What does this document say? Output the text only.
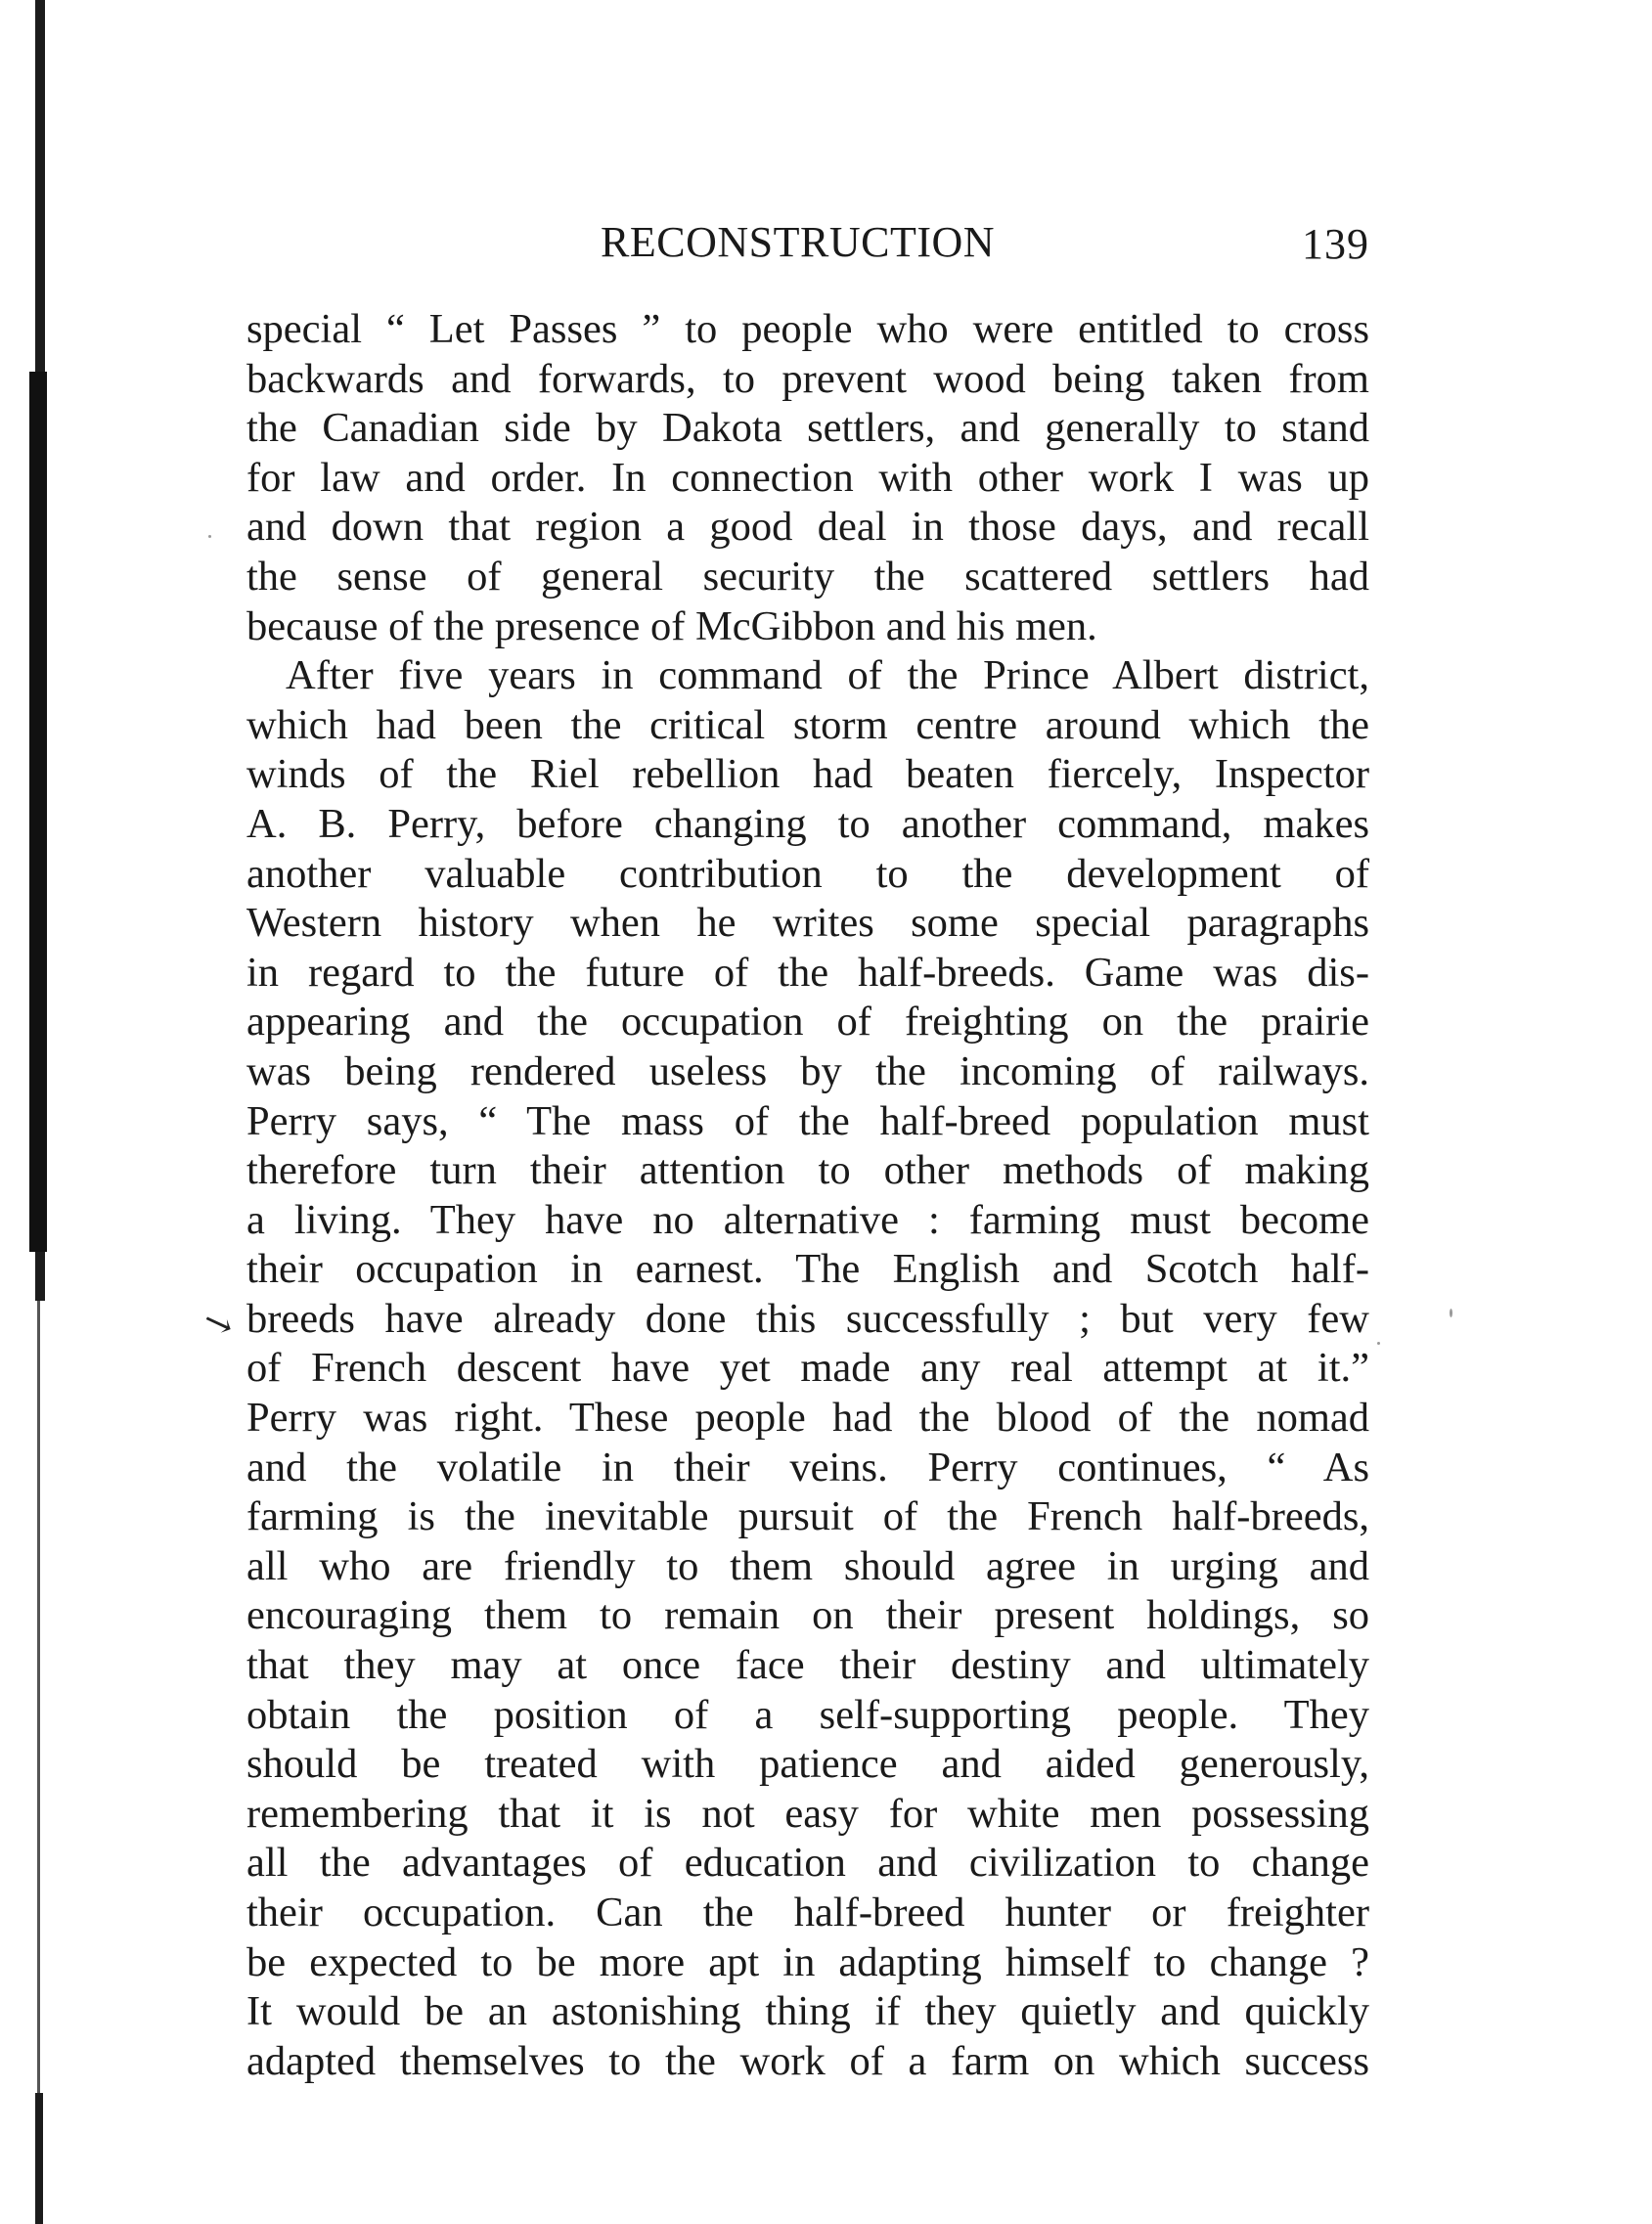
RECONSTRUCTION	139
special “ Let Passes ” to people who were entitled to cross
backwards and forwards, to prevent wood being taken from
the Canadian side by Dakota settlers, and generally to stand
for law and order. In connection with other work I was up
and down that region a good deal in those days, and recall
the sense of general security the scattered settlers had
because of the presence of McGibbon and his men.
After five years in command of the Prince Albert district,
which had been the critical storm centre around which the
winds of the Riel rebellion had beaten fiercely, Inspector
A. B. Perry, before changing to another command, makes
another valuable contribution to the development of
Western history when he writes some special paragraphs
in regard to the future of the half-breeds. Game was dis-
appearing and the occupation of freighting on the prairie
was being rendered useless by the incoming of railways.
Perry says, “ The mass of the half-breed population must
therefore turn their attention to other methods of making
a living. They have no alternative : farming must become
their occupation in earnest. The English and Scotch half-
breeds have already done this successfully ; but very few
of French descent have yet made any real attempt at it.”
Perry was right. These people had the blood of the nomad
and the volatile in their veins. Perry continues, “ As
farming is the inevitable pursuit of the French half-breeds,
all who are friendly to them should agree in urging and
encouraging them to remain on their present holdings, so
that they may at once face their destiny and ultimately
obtain the position of a self-supporting people. They
should be treated with patience and aided generously,
remembering that it is not easy for white men possessing
all the advantages of education and civilization to change
their occupation. Can the half-breed hunter or freighter
be expected to be more apt in adapting himself to change ?
It would be an astonishing thing if they quietly and quickly
adapted themselves to the work of a farm on which success
↘
